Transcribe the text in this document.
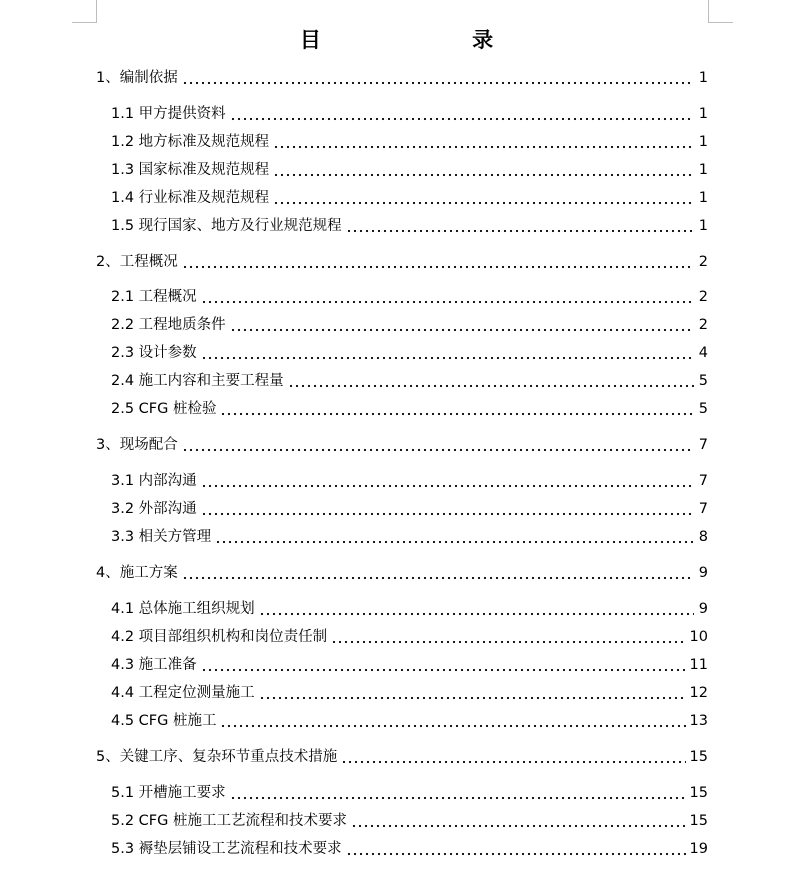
目 录
1、编制依据	1
1.1 甲方提供资料	1
1.2 地方标准及规范规程	1
1.3 国家标准及规范规程	1
1.4 行业标准及规范规程	1
1.5 现行国家、地方及行业规范规程	1
2、工程概况	2
2.1 工程概况	2
2.2 工程地质条件	2
2.3 设计参数	4
2.4 施工内容和主要工程量	5
2.5 CFG 桩检验	5
3、现场配合	7
3.1 内部沟通	7
3.2 外部沟通	7
3.3 相关方管理	8
4、施工方案	9
4.1 总体施工组织规划	9
4.2 项目部组织机构和岗位责任制	10
4.3 施工准备	11
4.4 工程定位测量施工	12
4.5 CFG 桩施工	13
5、关键工序、复杂环节重点技术措施	15
5.1 开槽施工要求	15
5.2 CFG 桩施工工艺流程和技术要求	15
5.3 褥垫层铺设工艺流程和技术要求	19
